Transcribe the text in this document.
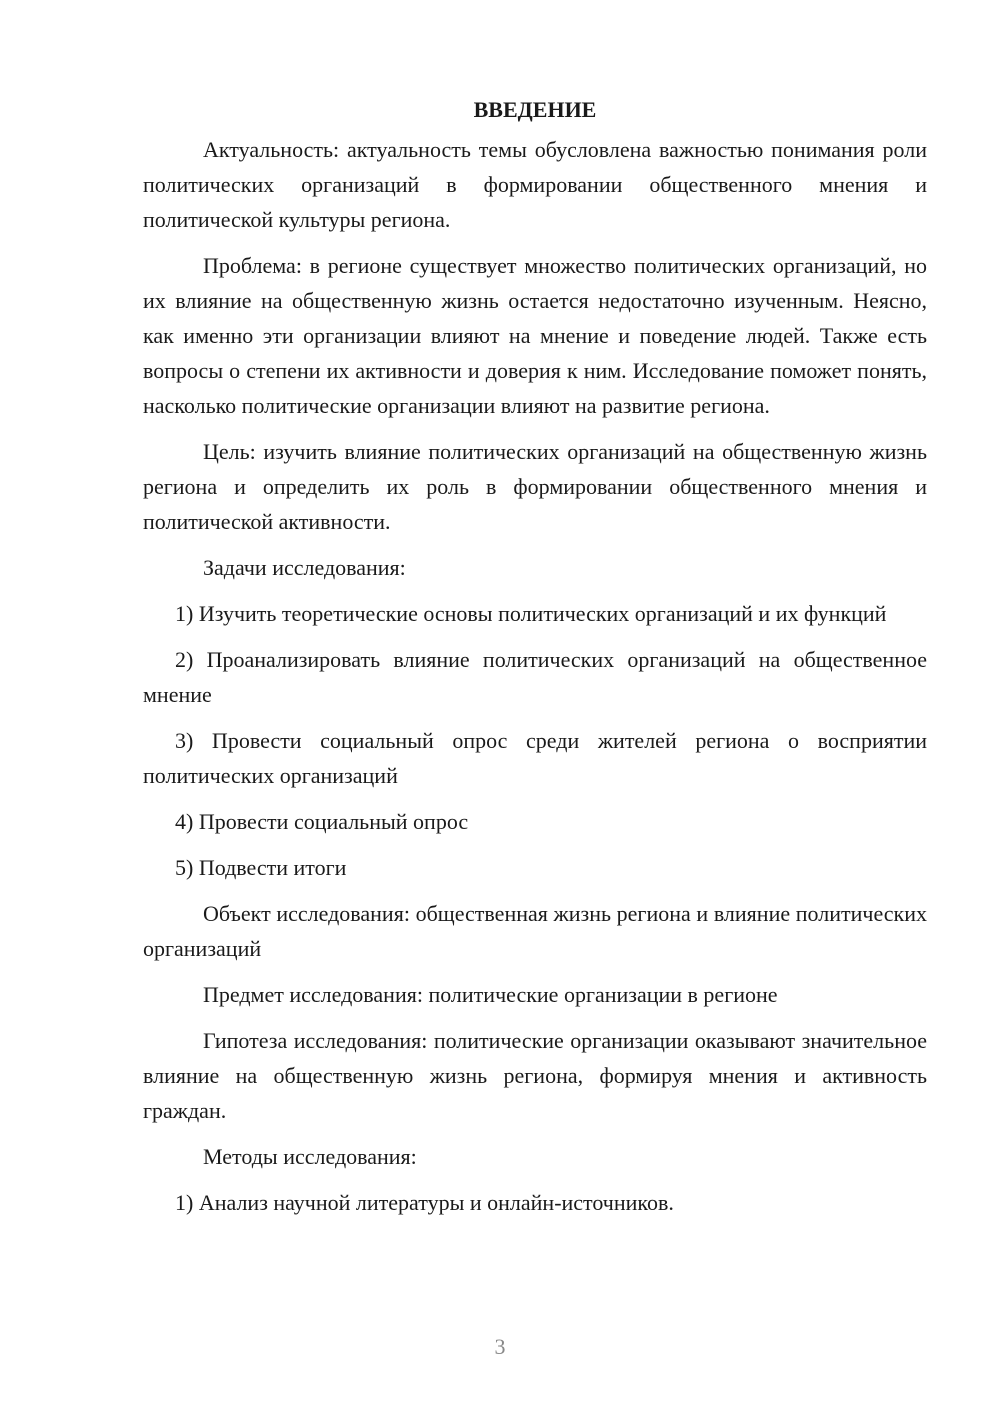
ВВЕДЕНИЕ

Актуальность: актуальность темы обусловлена важностью понимания роли политических организаций в формировании общественного мнения и политической культуры региона.

Проблема: в регионе существует множество политических организаций, но их влияние на общественную жизнь остается недостаточно изученным. Неясно, как именно эти организации влияют на мнение и поведение людей. Также есть вопросы о степени их активности и доверия к ним. Исследование поможет понять, насколько политические организации влияют на развитие региона.

Цель: изучить влияние политических организаций на общественную жизнь региона и определить их роль в формировании общественного мнения и политической активности.

Задачи исследования:

1) Изучить теоретические основы политических организаций и их функций

2) Проанализировать влияние политических организаций на общественное мнение

3) Провести социальный опрос среди жителей региона о восприятии политических организаций

4) Провести социальный опрос

5) Подвести итоги

Объект исследования: общественная жизнь региона и влияние политических организаций

Предмет исследования: политические организации в регионе

Гипотеза исследования: политические организации оказывают значительное влияние на общественную жизнь региона, формируя мнения и активность граждан.

Методы исследования:

1) Анализ научной литературы и онлайн-источников.

3
